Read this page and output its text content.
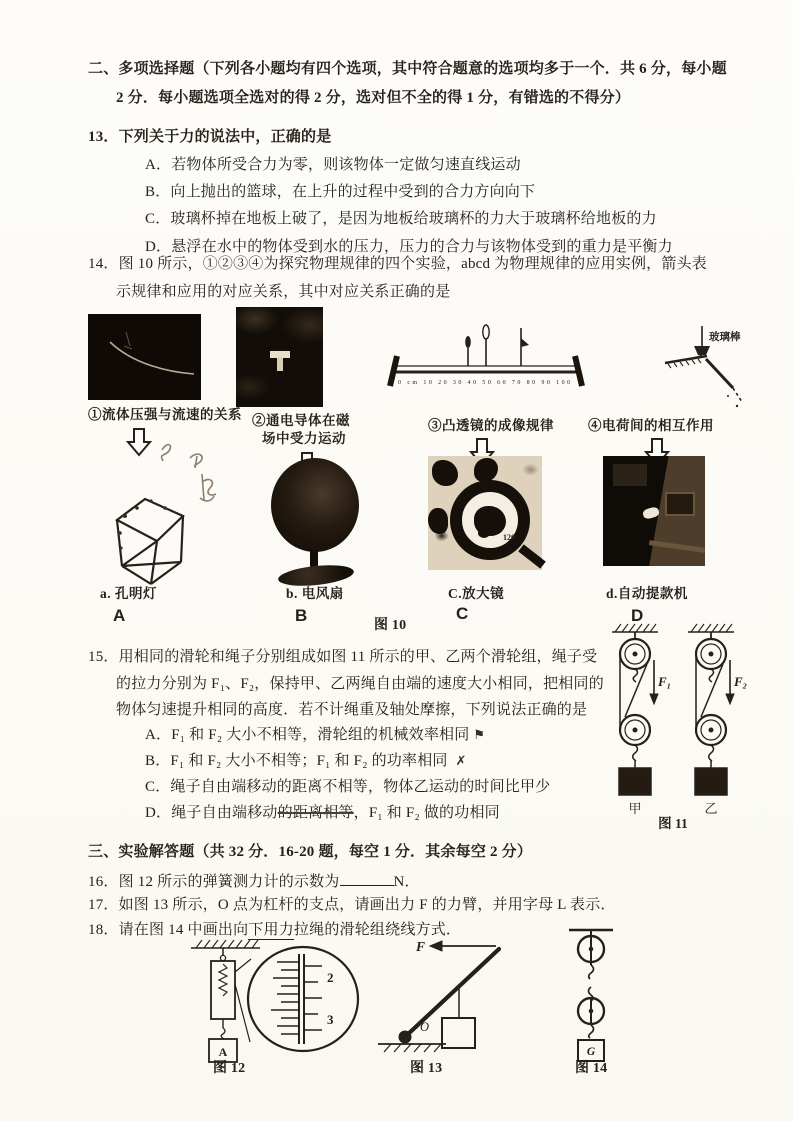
二、多项选择题（下列各小题均有四个选项，其中符合题意的选项均多于一个．共 6 分，每小题
2 分．每小题选项全选对的得 2 分，选对但不全的得 1 分，有错选的不得分）
13．下列关于力的说法中，正确的是
A．若物体所受合力为零，则该物体一定做匀速直线运动
B．向上抛出的篮球，在上升的过程中受到的合力方向向下
C．玻璃杯掉在地板上破了，是因为地板给玻璃杯的力大于玻璃杯给地板的力
D．悬浮在水中的物体受到水的压力，压力的合力与该物体受到的重力是平衡力
14．图 10 所示，①②③④为探究物理规律的四个实验，abcd 为物理规律的应用实例，箭头表
示规律和应用的对应关系，其中对应关系正确的是
0 cm 10 20 30 40 50 60 70 80 90 100
玻璃棒
①流体压强与流速的关系 ②通电导体在磁
场中受力运动
③凸透镜的成像规律	④电荷间的相互作用
120
a. 孔明灯
A
b. 电风扇
B
C.放大镜
C
d.自动提款机
D
图 10
15．用相同的滑轮和绳子分别组成如图 11 所示的甲、乙两个滑轮组，绳子受
的拉力分别为 F₁、F₂，保持甲、乙两绳自由端的速度大小相同，把相同的
物体匀速提升相同的高度．若不计绳重及轴处摩擦，下列说法正确的是
A．F₁ 和 F₂ 大小不相等，滑轮组的机械效率相同 ⚑
B．F₁ 和 F₂ 大小不相等；F₁ 和 F₂ 的功率相同 ✗
C．绳子自由端移动的距离不相等，物体乙运动的时间比甲少
D．绳子自由端移动的距离相等，F₁ 和 F₂ 做的功相同
F₁	F₂
甲	乙
图 11
三、实验解答题（共 32 分．16-20 题，每空 1 分．其余每空 2 分）
16．图 12 所示的弹簧测力计的示数为	N．
17．如图 13 所示，O 点为杠杆的支点，请画出力 F 的力臂，并用字母 L 表示．
18．请在图 14 中画出向下用力拉绳的滑轮组绕线方式．
A
2
3
图 12
F
O
图 13
G
图 14
